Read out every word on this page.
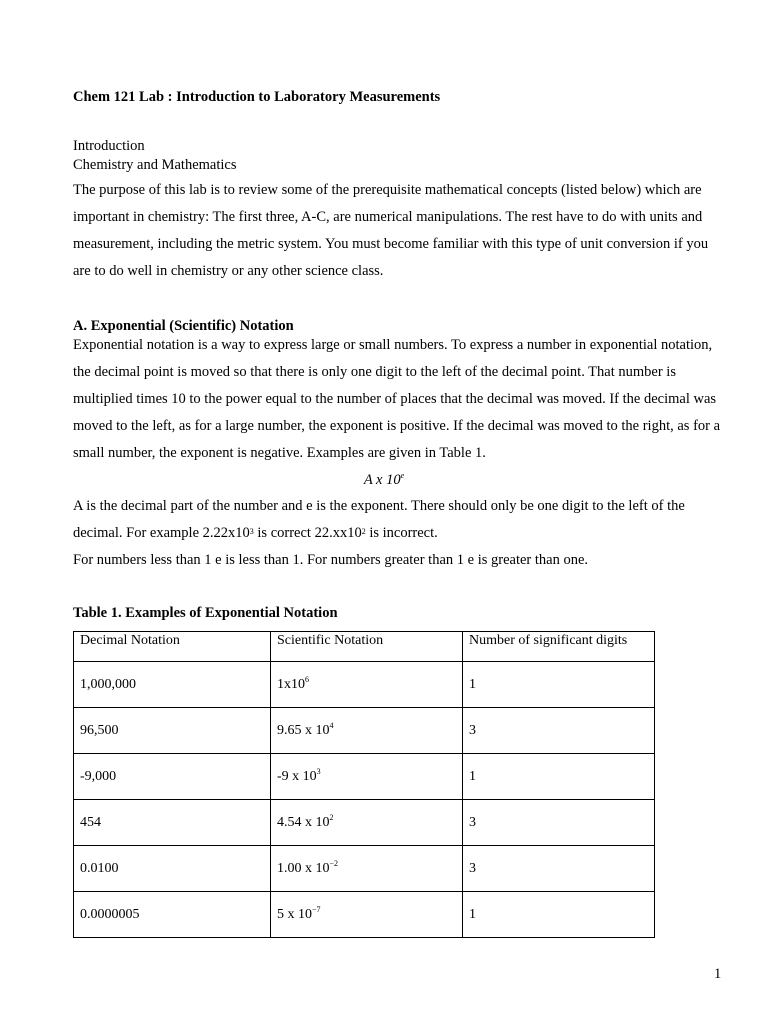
Chem 121 Lab : Introduction to Laboratory Measurements

Introduction

Chemistry and Mathematics

The purpose of this lab is to review some of the prerequisite mathematical concepts (listed below) which are important in chemistry: The first three, A-C, are numerical manipulations. The rest have to do with units and measurement, including the metric system. You must become familiar with this type of unit conversion if you are to do well in chemistry or any other science class.

A. Exponential (Scientific) Notation

Exponential notation is a way to express large or small numbers. To express a number in exponential notation, the decimal point is moved so that there is only one digit to the left of the decimal point. That number is multiplied times 10 to the power equal to the number of places that the decimal was moved. If the decimal was moved to the left, as for a large number, the exponent is positive. If the decimal was moved to the right, as for a small number, the exponent is negative. Examples are given in Table 1.

A x 10e

A is the decimal part of the number and e is the exponent. There should only be one digit to the left of the decimal. For example $2.22x10^3$ is correct $22.xx10^2$ is incorrect.

For numbers less than 1 e is less than 1. For numbers greater than 1 e is greater than one.

Table 1. Examples of Exponential Notation

Decimal Notation	Scientific Notation	Number of significant digits
1,000,000	$1x10^6$	1
96,500	9.65 x $10^4$	3
-9,000	-9 x $10^3$	1
454	4.54 x $10^2$	3
0.0100	1.00 x $10^{-2}$	3
0.0000005	5 x $10^{-7}$	1

1
